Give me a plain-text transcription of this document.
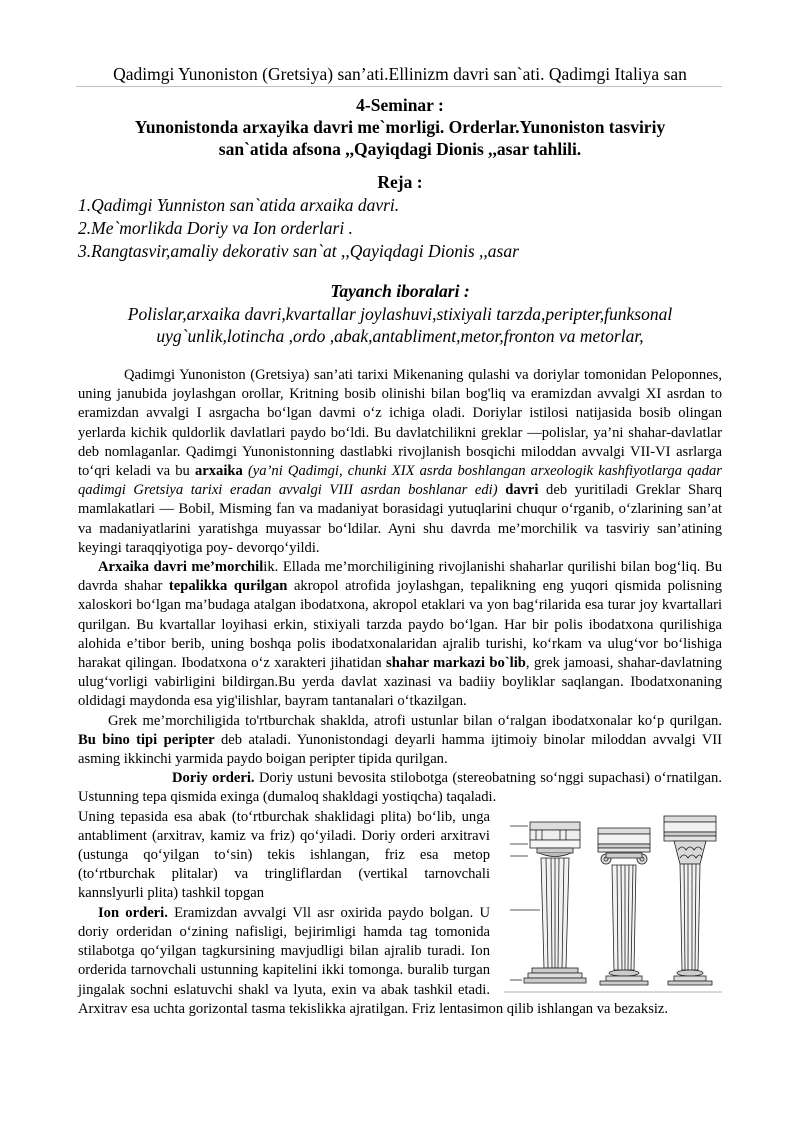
Qadimgi Yunoniston (Gretsiya) san’ati.Ellinizm davri san`ati. Qadimgi Italiya san
4-Seminar :
Yunonistonda arxayika davri me`morligi. Orderlar.Yunoniston tasviriy
san`atida afsona ,,Qayiqdagi Dionis ,,asar tahlili.
Reja :
1.Qadimgi Yunniston san`atida arxaika davri.
2.Me`morlikda Doriy va Ion orderlari .
3.Rangtasvir,amaliy dekorativ san`at ,,Qayiqdagi Dionis ,,asar
Tayanch iboralari :
Polislar,arxaika davri,kvartallar joylashuvi,stixiyali tarzda,peripter,funksonal uyg`unlik,lotincha ,ordo ,abak,antabliment,metor,fronton va metorlar,

Qadimgi Yunoniston (Gretsiya) san’ati tarixi Mikenaning qulashi va doriylar tomonidan Peloponnes, uning janubida joylashgan orollar, Kritning bosib olinishi bilan bog'liq va eramizdan avvalgi XI asrdan to eramizdan avvalgi I asrgacha bo‘lgan davmi o‘z ichiga oladi. Doriylar istilosi natijasida bosib olingan yerlarda kichik quldorlik davlatlari paydo bo‘ldi. Bu davlatchilikni greklar —polislar, ya’ni shahar-davlatlar deb nomlaganlar. Qadimgi Yunonistonning dastlabki rivojlanish bosqichi miloddan avvalgi VII-VI asrlarga to‘qri keladi va bu arxaika (ya’ni Qadimgi, chunki XIX asrda boshlangan arxeologik kashfiyotlarga qadar qadimgi Gretsiya tarixi eradan avvalgi VIII asrdan boshlanar edi) davri deb yuritiladi Greklar Sharq mamlakatlari — Bobil, Misming fan va madaniyat borasidagi yutuqlarini chuqur o‘rganib, o‘zlarining san’at va madaniyatlarini yaratishga muyassar bo‘ldilar. Ayni shu davrda me’morchilik va tasviriy san’atining keyingi taraqqiyotiga poy- devorqo‘yildi.

Arxaika davri me’morchilik. Ellada me’morchiligining rivojlanishi shaharlar qurilishi bilan bog‘liq. Bu davrda shahar tepalikka qurilgan akropol atrofida joylashgan, tepalikning eng yuqori qismida polisning xaloskori bo‘lgan ma’budaga atalgan ibodatxona, akropol etaklari va yon bag‘rilarida esa turar joy kvartallari qurilgan. Bu kvartallar loyihasi erkin, stixiyali tarzda paydo bo‘lgan. Har bir polis ibodatxona qurilishiga alohida e’tibor berib, uning boshqa polis ibodatxonalaridan ajralib turishi, ko‘rkam va ulug‘vor bo‘lishiga harakat qilingan. Ibodatxona o‘z xarakteri jihatidan shahar markazi bo`lib, grek jamoasi, shahar-davlatning ulug‘vorligi vabirligini bildirgan.Bu yerda davlat xazinasi va badiiy boyliklar saqlangan. Ibodatxonaning oldidagi maydonda esa yig'ilishlar, bayram tantanalari o‘tkazilgan.

Grek me’morchiligida to'rtburchak shaklda, atrofi ustunlar bilan o‘ralgan ibodatxonalar ko‘p qurilgan. Bu bino tipi peripter deb ataladi. Yunonistondagi deyarli hamma ijtimoiy binolar miloddan avvalgi VII asming ikkinchi yarmida paydo boigan peripter tipida qurilgan.

Doriy orderi. Doriy ustuni bevosita stilobotga (stereobatning so‘nggi supachasi) o‘rnatilgan. Ustunning tepa qismida exinga (dumaloq shakldagi yostiqcha) taqaladi.

Uning tepasida esa abak (to‘rtburchak shaklidagi plita) bo‘lib, unga antabliment (arxitrav, kamiz va friz) qo‘yiladi. Doriy orderi arxitravi (ustunga qo‘yilgan to‘sin) tekis ishlangan, friz esa metop (to‘rtburchak plitalar) va tringliflardan (vertikal tarnovchali kannslyurli plita) tashkil topgan

Ion orderi. Eramizdan avvalgi Vll asr oxirida paydo bolgan. U doriy orderidan o‘zining nafisligi, bejirimligi hamda tag tomonida stilabotga qo‘yilgan tagkursining mavjudligi bilan ajralib turadi. Ion orderida tarnovchali ustunning kapitelini ikki tomonga. buralib turgan jingalak sochni eslatuvchi shakl va lyuta, exin va abak tashkil etadi. Arxitrav esa uchta gorizontal tasma tekislikka ajratilgan. Friz lentasimon qilib ishlangan va bezaksiz.
